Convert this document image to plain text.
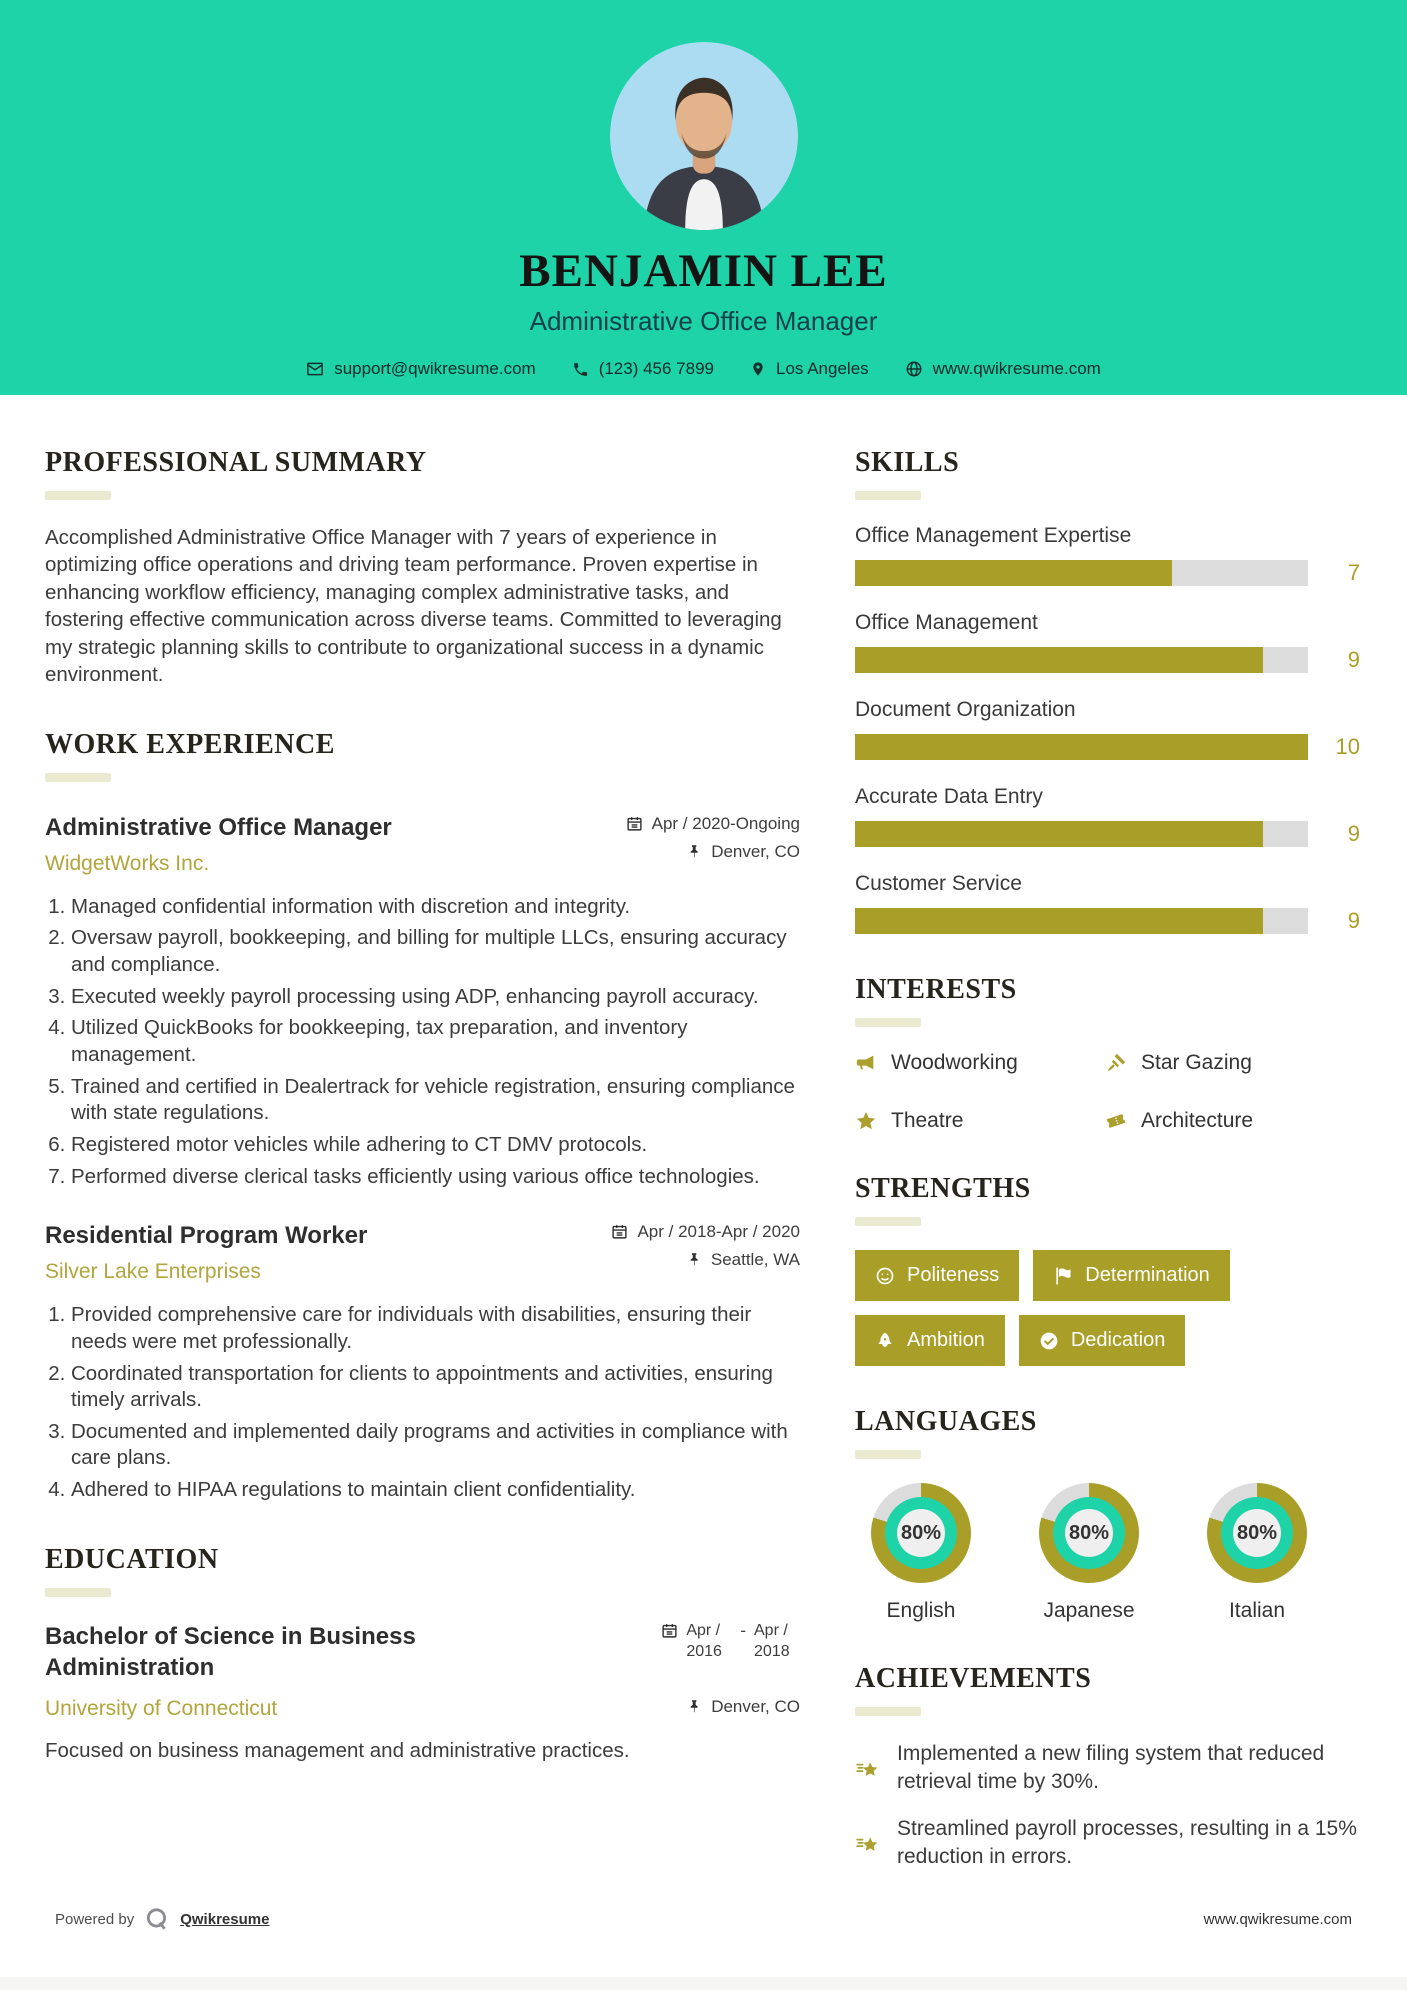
BENJAMIN LEE
Administrative Office Manager
support@qwikresume.com	(123) 456 7899	Los Angeles	www.qwikresume.com
PROFESSIONAL SUMMARY

Accomplished Administrative Office Manager with 7 years of experience in optimizing office operations and driving team performance. Proven expertise in enhancing workflow efficiency, managing complex administrative tasks, and fostering effective communication across diverse teams. Committed to leveraging my strategic planning skills to contribute to organizational success in a dynamic environment.

WORK EXPERIENCE
Administrative Office Manager	Apr / 2020-Ongoing
WidgetWorks Inc.
Denver, CO
1. Managed confidential information with discretion and integrity.
2. Oversaw payroll, bookkeeping, and billing for multiple LLCs, ensuring accuracy and compliance.
3. Executed weekly payroll processing using ADP, enhancing payroll accuracy.
4. Utilized QuickBooks for bookkeeping, tax preparation, and inventory management.
5. Trained and certified in Dealertrack for vehicle registration, ensuring compliance with state regulations.
6. Registered motor vehicles while adhering to CT DMV protocols.
7. Performed diverse clerical tasks efficiently using various office technologies.
Residential Program Worker	Apr / 2018-Apr / 2020
Silver Lake Enterprises
Seattle, WA
1. Provided comprehensive care for individuals with disabilities, ensuring their needs were met professionally.
2. Coordinated transportation for clients to appointments and activities, ensuring timely arrivals.
3. Documented and implemented daily programs and activities in compliance with care plans.
4. Adhered to HIPAA regulations to maintain client confidentiality.
EDUCATION
Bachelor of Science in Business Administration
Apr / 2016
- Apr / 2018
University of Connecticut	Denver, CO
Focused on business management and administrative practices.
SKILLS
Office Management Expertise
7
Office Management
9
Document Organization
10
Accurate Data Entry
9
Customer Service
9
INTERESTS
Woodworking	Star Gazing
Theatre	Architecture
STRENGTHS
Politeness	Determination
Ambition	Dedication
LANGUAGES
80%
English
80%
Japanese
80%
Italian
ACHIEVEMENTS
Implemented a new filing system that reduced retrieval time by 30%.
Streamlined payroll processes, resulting in a 15% reduction in errors.
Powered by	Qwikresume	www.qwikresume.com
